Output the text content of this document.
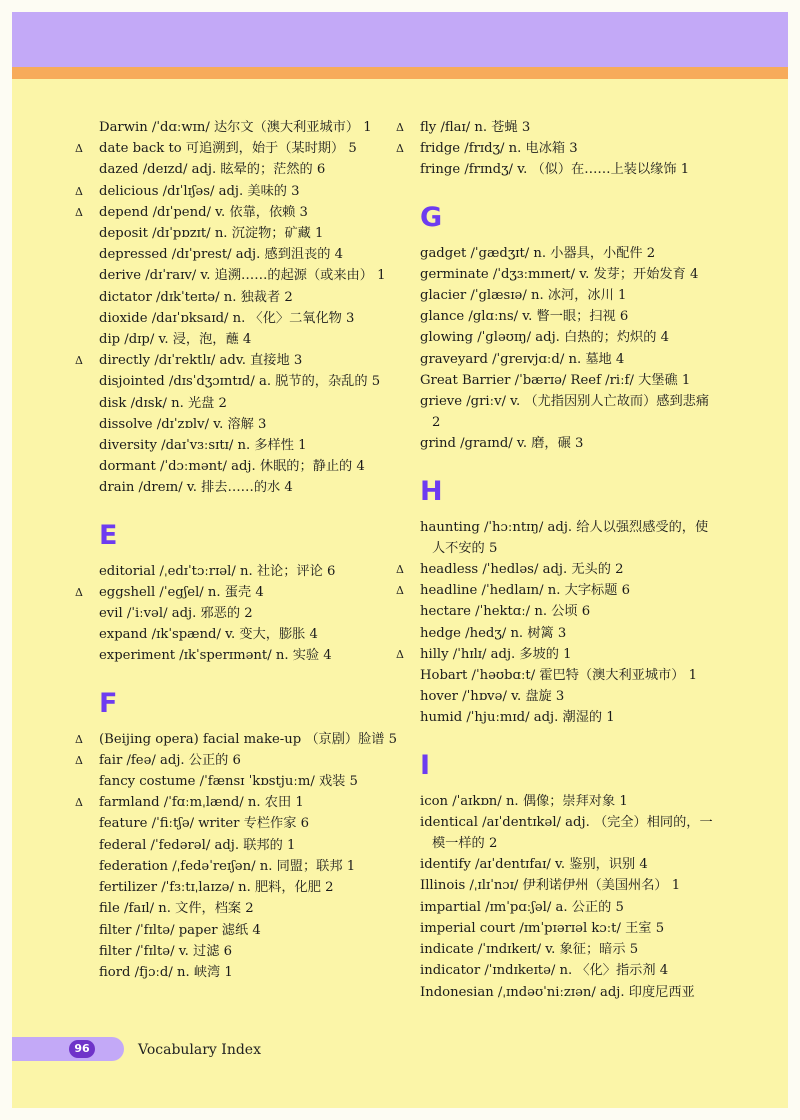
Darwin /ˈdɑːwɪn/ 达尔文（澳大利亚城市） 1
Δ	date back to 可追溯到，始于（某时期） 5
dazed /deɪzd/ adj. 眩晕的；茫然的 6
Δ	delicious /dɪˈlɪʃəs/ adj. 美味的 3
Δ	depend /dɪˈpend/ v. 依靠，依赖 3
deposit /dɪˈpɒzɪt/ n. 沉淀物；矿藏 1
depressed /dɪˈprest/ adj. 感到沮丧的 4
derive /dɪˈraɪv/ v. 追溯……的起源（或来由） 1
dictator /dɪkˈteɪtə/ n. 独裁者 2
dioxide /daɪˈɒksaɪd/ n. 〈化〉二氧化物 3
dip /dɪp/ v. 浸，泡，蘸 4
Δ	directly /dɪˈrektlɪ/ adv. 直接地 3
disjointed /dɪsˈdʒɔɪntɪd/ a. 脱节的，杂乱的 5
disk /dɪsk/ n. 光盘 2
dissolve /dɪˈzɒlv/ v. 溶解 3
diversity /daɪˈvɜːsɪtɪ/ n. 多样性 1
dormant /ˈdɔːmənt/ adj. 休眠的；静止的 4
drain /dreɪn/ v. 排去……的水 4
E
editorial /ˌedɪˈtɔːrɪəl/ n. 社论；评论 6
Δ	eggshell /ˈegʃel/ n. 蛋壳 4
evil /ˈiːvəl/ adj. 邪恶的 2
expand /ɪkˈspænd/ v. 变大，膨胀 4
experiment /ɪkˈsperɪmənt/ n. 实验 4
F
Δ	(Beijing opera) facial make-up （京剧）脸谱 5
Δ	fair /feə/ adj. 公正的 6
fancy costume /ˈfænsɪ ˈkɒstjuːm/ 戏装 5
Δ	farmland /ˈfɑːmˌlænd/ n. 农田 1
feature /ˈfiːtʃə/ writer 专栏作家 6
federal /ˈfedərəl/ adj. 联邦的 1
federation /ˌfedəˈreɪʃən/ n. 同盟；联邦 1
fertilizer /ˈfɜːtɪˌlaɪzə/ n. 肥料，化肥 2
file /faɪl/ n. 文件，档案 2
filter /ˈfɪltə/ paper 滤纸 4
filter /ˈfɪltə/ v. 过滤 6
fiord /fjɔːd/ n. 峡湾 1
Δ	fly /flaɪ/ n. 苍蝇 3
Δ	fridge /frɪdʒ/ n. 电冰箱 3
fringe /frɪndʒ/ v. （似）在……上装以缘饰 1
G
gadget /ˈgædʒɪt/ n. 小器具，小配件 2
germinate /ˈdʒɜːmɪneɪt/ v. 发芽；开始发育 4
glacier /ˈglæsɪə/ n. 冰河，冰川 1
glance /glɑːns/ v. 瞥一眼；扫视 6
glowing /ˈgləʊɪŋ/ adj. 白热的；灼炽的 4
graveyard /ˈgreɪvjɑːd/ n. 墓地 4
Great Barrier /ˈbærɪə/ Reef /riːf/ 大堡礁 1
grieve /griːv/ v. （尤指因别人亡故而）感到悲痛 2
grind /graɪnd/ v. 磨，碾 3
H
haunting /ˈhɔːntɪŋ/ adj. 给人以强烈感受的，使人不安的 5
Δ	headless /ˈhedləs/ adj. 无头的 2
Δ	headline /ˈhedlaɪn/ n. 大字标题 6
hectare /ˈhektɑː/ n. 公顷 6
hedge /hedʒ/ n. 树篱 3
Δ	hilly /ˈhɪlɪ/ adj. 多坡的 1
Hobart /ˈhəʊbɑːt/ 霍巴特（澳大利亚城市） 1
hover /ˈhɒvə/ v. 盘旋 3
humid /ˈhjuːmɪd/ adj. 潮湿的 1
I
icon /ˈaɪkɒn/ n. 偶像；崇拜对象 1
identical /aɪˈdentɪkəl/ adj. （完全）相同的，一模一样的 2
identify /aɪˈdentɪfaɪ/ v. 鉴别，识别 4
Illinois /ˌɪlɪˈnɔɪ/ 伊利诺伊州（美国州名） 1
impartial /ɪmˈpɑːʃəl/ a. 公正的 5
imperial court /ɪmˈpɪərɪəl kɔːt/ 王室 5
indicate /ˈɪndɪkeɪt/ v. 象征；暗示 5
indicator /ˈɪndɪkeɪtə/ n. 〈化〉指示剂 4
Indonesian /ˌɪndəʊˈniːzɪən/ adj. 印度尼西亚
96	Vocabulary Index
